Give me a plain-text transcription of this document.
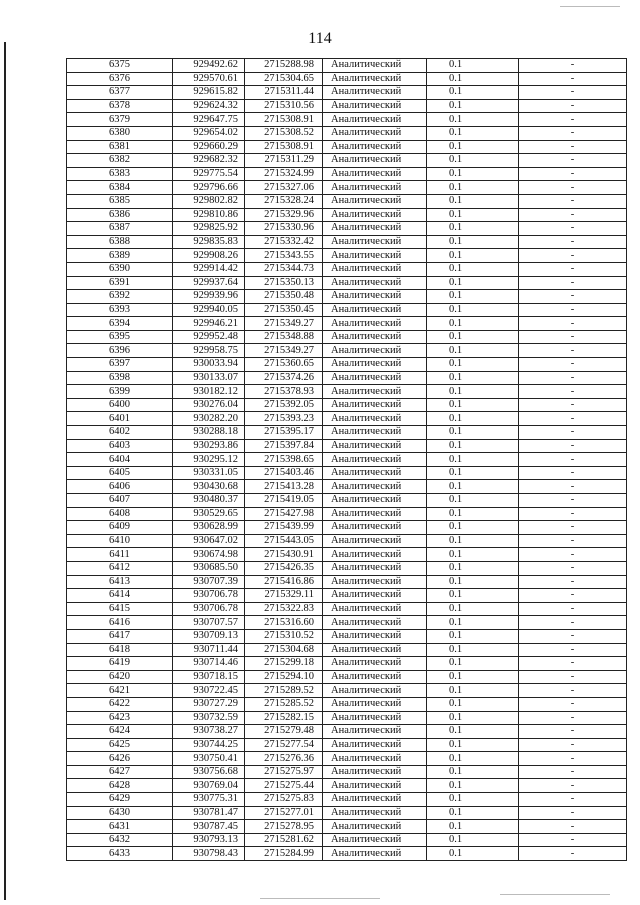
114
6375	929492.62	2715288.98	Аналитический	0.1	-
6376	929570.61	2715304.65	Аналитический	0.1	-
6377	929615.82	2715311.44	Аналитический	0.1	-
6378	929624.32	2715310.56	Аналитический	0.1	-
6379	929647.75	2715308.91	Аналитический	0.1	-
6380	929654.02	2715308.52	Аналитический	0.1	-
6381	929660.29	2715308.91	Аналитический	0.1	-
6382	929682.32	2715311.29	Аналитический	0.1	-
6383	929775.54	2715324.99	Аналитический	0.1	-
6384	929796.66	2715327.06	Аналитический	0.1	-
6385	929802.82	2715328.24	Аналитический	0.1	-
6386	929810.86	2715329.96	Аналитический	0.1	-
6387	929825.92	2715330.96	Аналитический	0.1	-
6388	929835.83	2715332.42	Аналитический	0.1	-
6389	929908.26	2715343.55	Аналитический	0.1	-
6390	929914.42	2715344.73	Аналитический	0.1	-
6391	929937.64	2715350.13	Аналитический	0.1	-
6392	929939.96	2715350.48	Аналитический	0.1	-
6393	929940.05	2715350.45	Аналитический	0.1	-
6394	929946.21	2715349.27	Аналитический	0.1	-
6395	929952.48	2715348.88	Аналитический	0.1	-
6396	929958.75	2715349.27	Аналитический	0.1	-
6397	930033.94	2715360.65	Аналитический	0.1	-
6398	930133.07	2715374.26	Аналитический	0.1	-
6399	930182.12	2715378.93	Аналитический	0.1	-
6400	930276.04	2715392.05	Аналитический	0.1	-
6401	930282.20	2715393.23	Аналитический	0.1	-
6402	930288.18	2715395.17	Аналитический	0.1	-
6403	930293.86	2715397.84	Аналитический	0.1	-
6404	930295.12	2715398.65	Аналитический	0.1	-
6405	930331.05	2715403.46	Аналитический	0.1	-
6406	930430.68	2715413.28	Аналитический	0.1	-
6407	930480.37	2715419.05	Аналитический	0.1	-
6408	930529.65	2715427.98	Аналитический	0.1	-
6409	930628.99	2715439.99	Аналитический	0.1	-
6410	930647.02	2715443.05	Аналитический	0.1	-
6411	930674.98	2715430.91	Аналитический	0.1	-
6412	930685.50	2715426.35	Аналитический	0.1	-
6413	930707.39	2715416.86	Аналитический	0.1	-
6414	930706.78	2715329.11	Аналитический	0.1	-
6415	930706.78	2715322.83	Аналитический	0.1	-
6416	930707.57	2715316.60	Аналитический	0.1	-
6417	930709.13	2715310.52	Аналитический	0.1	-
6418	930711.44	2715304.68	Аналитический	0.1	-
6419	930714.46	2715299.18	Аналитический	0.1	-
6420	930718.15	2715294.10	Аналитический	0.1	-
6421	930722.45	2715289.52	Аналитический	0.1	-
6422	930727.29	2715285.52	Аналитический	0.1	-
6423	930732.59	2715282.15	Аналитический	0.1	-
6424	930738.27	2715279.48	Аналитический	0.1	-
6425	930744.25	2715277.54	Аналитический	0.1	-
6426	930750.41	2715276.36	Аналитический	0.1	-
6427	930756.68	2715275.97	Аналитический	0.1	-
6428	930769.04	2715275.44	Аналитический	0.1	-
6429	930775.31	2715275.83	Аналитический	0.1	-
6430	930781.47	2715277.01	Аналитический	0.1	-
6431	930787.45	2715278.95	Аналитический	0.1	-
6432	930793.13	2715281.62	Аналитический	0.1	-
6433	930798.43	2715284.99	Аналитический	0.1	-
